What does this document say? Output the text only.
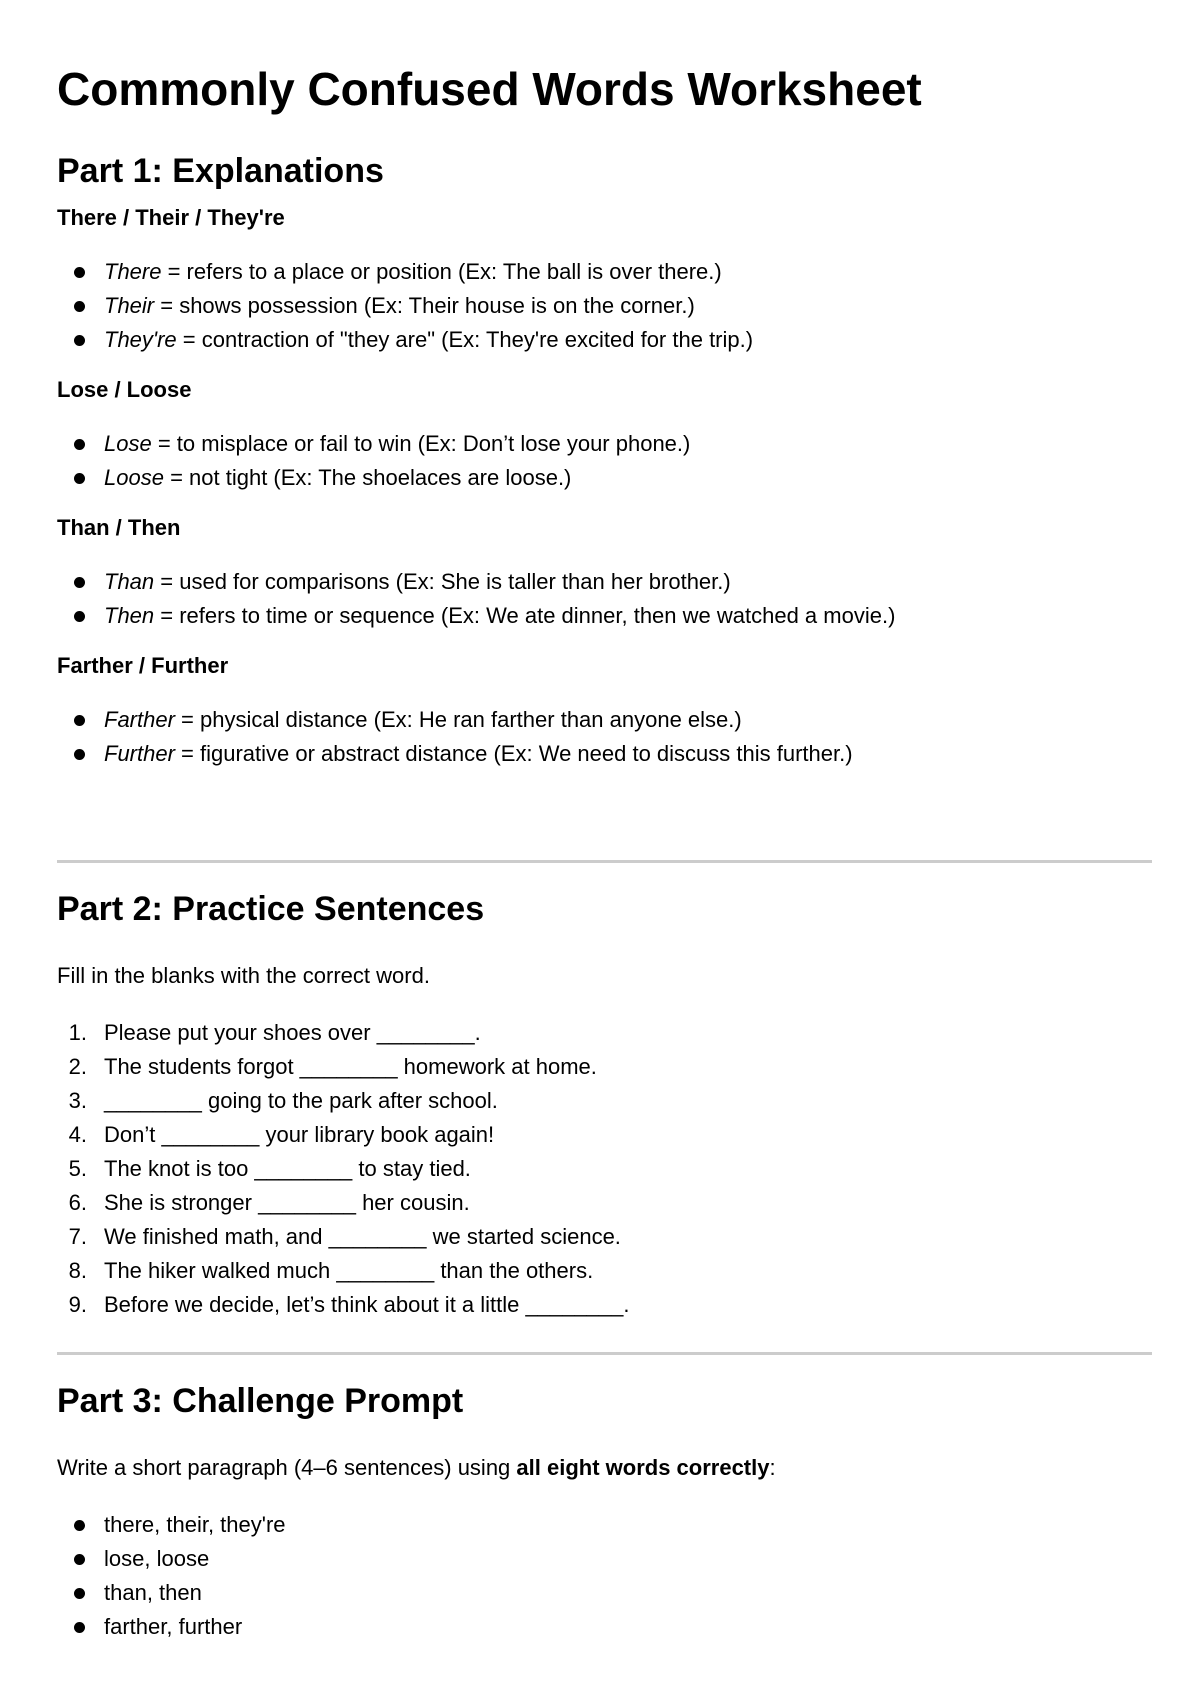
Commonly Confused Words Worksheet
Part 1: Explanations
There / Their / They're
There = refers to a place or position (Ex: The ball is over there.)
Their = shows possession (Ex: Their house is on the corner.)
They're = contraction of "they are" (Ex: They're excited for the trip.)
Lose / Loose
Lose = to misplace or fail to win (Ex: Don’t lose your phone.)
Loose = not tight (Ex: The shoelaces are loose.)
Than / Then
Than = used for comparisons (Ex: She is taller than her brother.)
Then = refers to time or sequence (Ex: We ate dinner, then we watched a movie.)
Farther / Further
Farther = physical distance (Ex: He ran farther than anyone else.)
Further = figurative or abstract distance (Ex: We need to discuss this further.)
Part 2: Practice Sentences

Fill in the blanks with the correct word.

1. Please put your shoes over ________.
2. The students forgot ________ homework at home.
3. ________ going to the park after school.
4. Don’t ________ your library book again!
5. The knot is too ________ to stay tied.
6. She is stronger ________ her cousin.
7. We finished math, and ________ we started science.
8. The hiker walked much ________ than the others.
9. Before we decide, let’s think about it a little ________.
Part 3: Challenge Prompt

Write a short paragraph (4–6 sentences) using all eight words correctly:

there, their, they're
lose, loose
than, then
farther, further
